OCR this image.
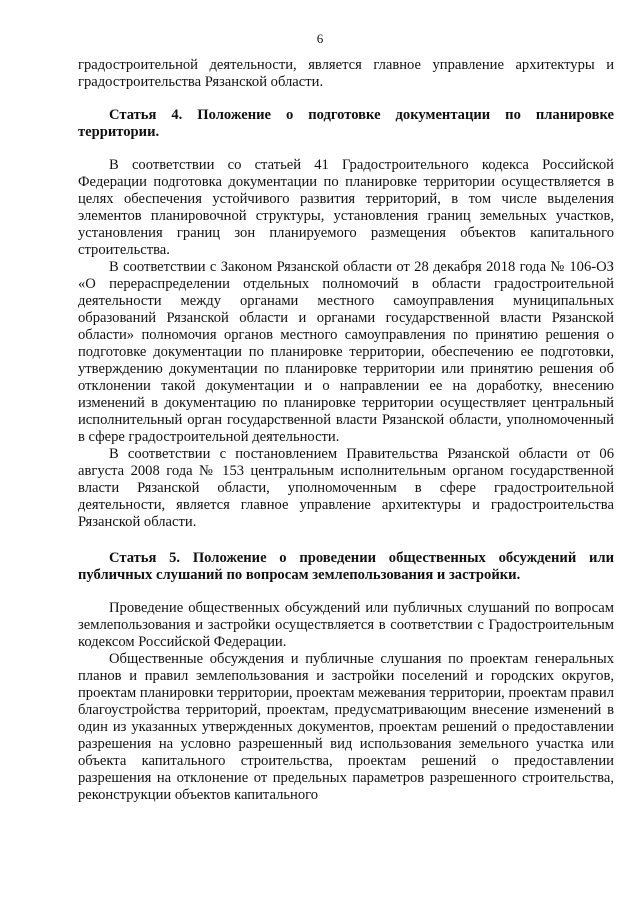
6

градостроительной деятельности, является главное управление архитектуры и градостроительства Рязанской области.

Статья 4. Положение о подготовке документации по планировке территории.

В соответствии со статьей 41 Градостроительного кодекса Российской Федерации подготовка документации по планировке территории осуществляется в целях обеспечения устойчивого развития территорий, в том числе выделения элементов планировочной структуры, установления границ земельных участков, установления границ зон планируемого размещения объектов капитального строительства.

В соответствии с Законом Рязанской области от 28 декабря 2018 года № 106-ОЗ «О перераспределении отдельных полномочий в области градостроительной деятельности между органами местного самоуправления муниципальных образований Рязанской области и органами государственной власти Рязанской области» полномочия органов местного самоуправления по принятию решения о подготовке документации по планировке территории, обеспечению ее подготовки, утверждению документации по планировке территории или принятию решения об отклонении такой документации и о направлении ее на доработку, внесению изменений в документацию по планировке территории осуществляет центральный исполнительный орган государственной власти Рязанской области, уполномоченный в сфере градостроительной деятельности.

В соответствии с постановлением Правительства Рязанской области от 06 августа 2008 года № 153 центральным исполнительным органом государственной власти Рязанской области, уполномоченным в сфере градостроительной деятельности, является главное управление архитектуры и градостроительства Рязанской области.

Статья 5. Положение о проведении общественных обсуждений или публичных слушаний по вопросам землепользования и застройки.

Проведение общественных обсуждений или публичных слушаний по вопросам землепользования и застройки осуществляется в соответствии с Градостроительным кодексом Российской Федерации.

Общественные обсуждения и публичные слушания по проектам генеральных планов и правил землепользования и застройки поселений и городских округов, проектам планировки территории, проектам межевания территории, проектам правил благоустройства территорий, проектам, предусматривающим внесение изменений в один из указанных утвержденных документов, проектам решений о предоставлении разрешения на условно разрешенный вид использования земельного участка или объекта капитального строительства, проектам решений о предоставлении разрешения на отклонение от предельных параметров разрешенного строительства, реконструкции объектов капитального
